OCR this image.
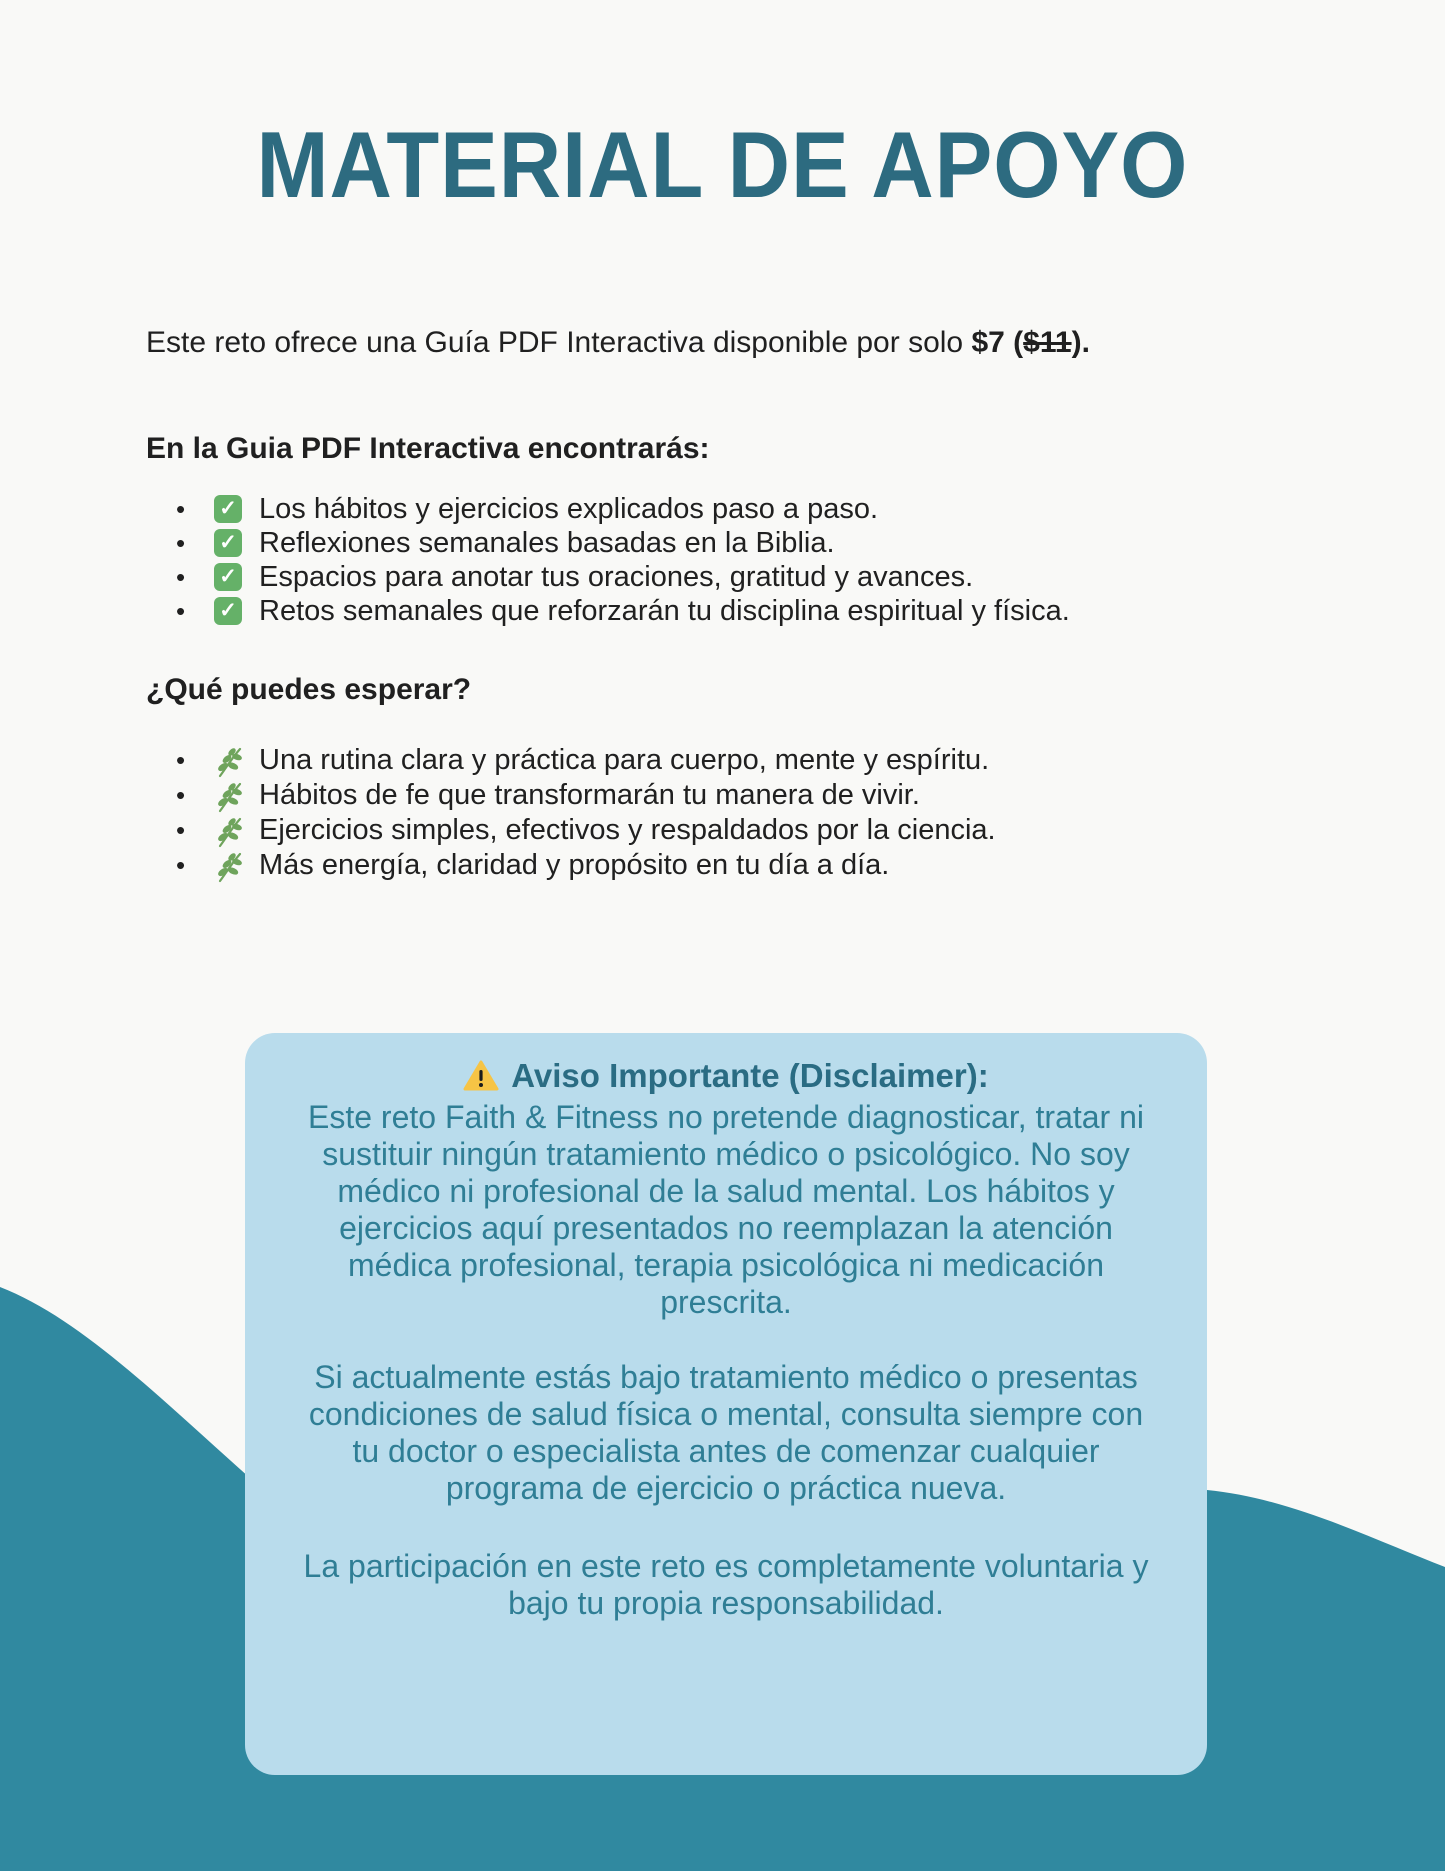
MATERIAL DE APOYO

Este reto ofrece una Guía PDF Interactiva disponible por solo $7 ($11).

En la Guia PDF Interactiva encontrarás:
• ✓ Los hábitos y ejercicios explicados paso a paso.
• ✓ Reflexiones semanales basadas en la Biblia.
• ✓ Espacios para anotar tus oraciones, gratitud y avances.
• ✓ Retos semanales que reforzarán tu disciplina espiritual y física.
¿Qué puedes esperar?
•	Una rutina clara y práctica para cuerpo, mente y espíritu.
•	Hábitos de fe que transformarán tu manera de vivir.
•	Ejercicios simples, efectivos y respaldados por la ciencia.
•	Más energía, claridad y propósito en tu día a día.
Aviso Importante (Disclaimer):

Este reto Faith & Fitness no pretende diagnosticar, tratar ni sustituir ningún tratamiento médico o psicológico. No soy médico ni profesional de la salud mental. Los hábitos y ejercicios aquí presentados no reemplazan la atención médica profesional, terapia psicológica ni medicación prescrita.

Si actualmente estás bajo tratamiento médico o presentas condiciones de salud física o mental, consulta siempre con tu doctor o especialista antes de comenzar cualquier programa de ejercicio o práctica nueva.

La participación en este reto es completamente voluntaria y bajo tu propia responsabilidad.
